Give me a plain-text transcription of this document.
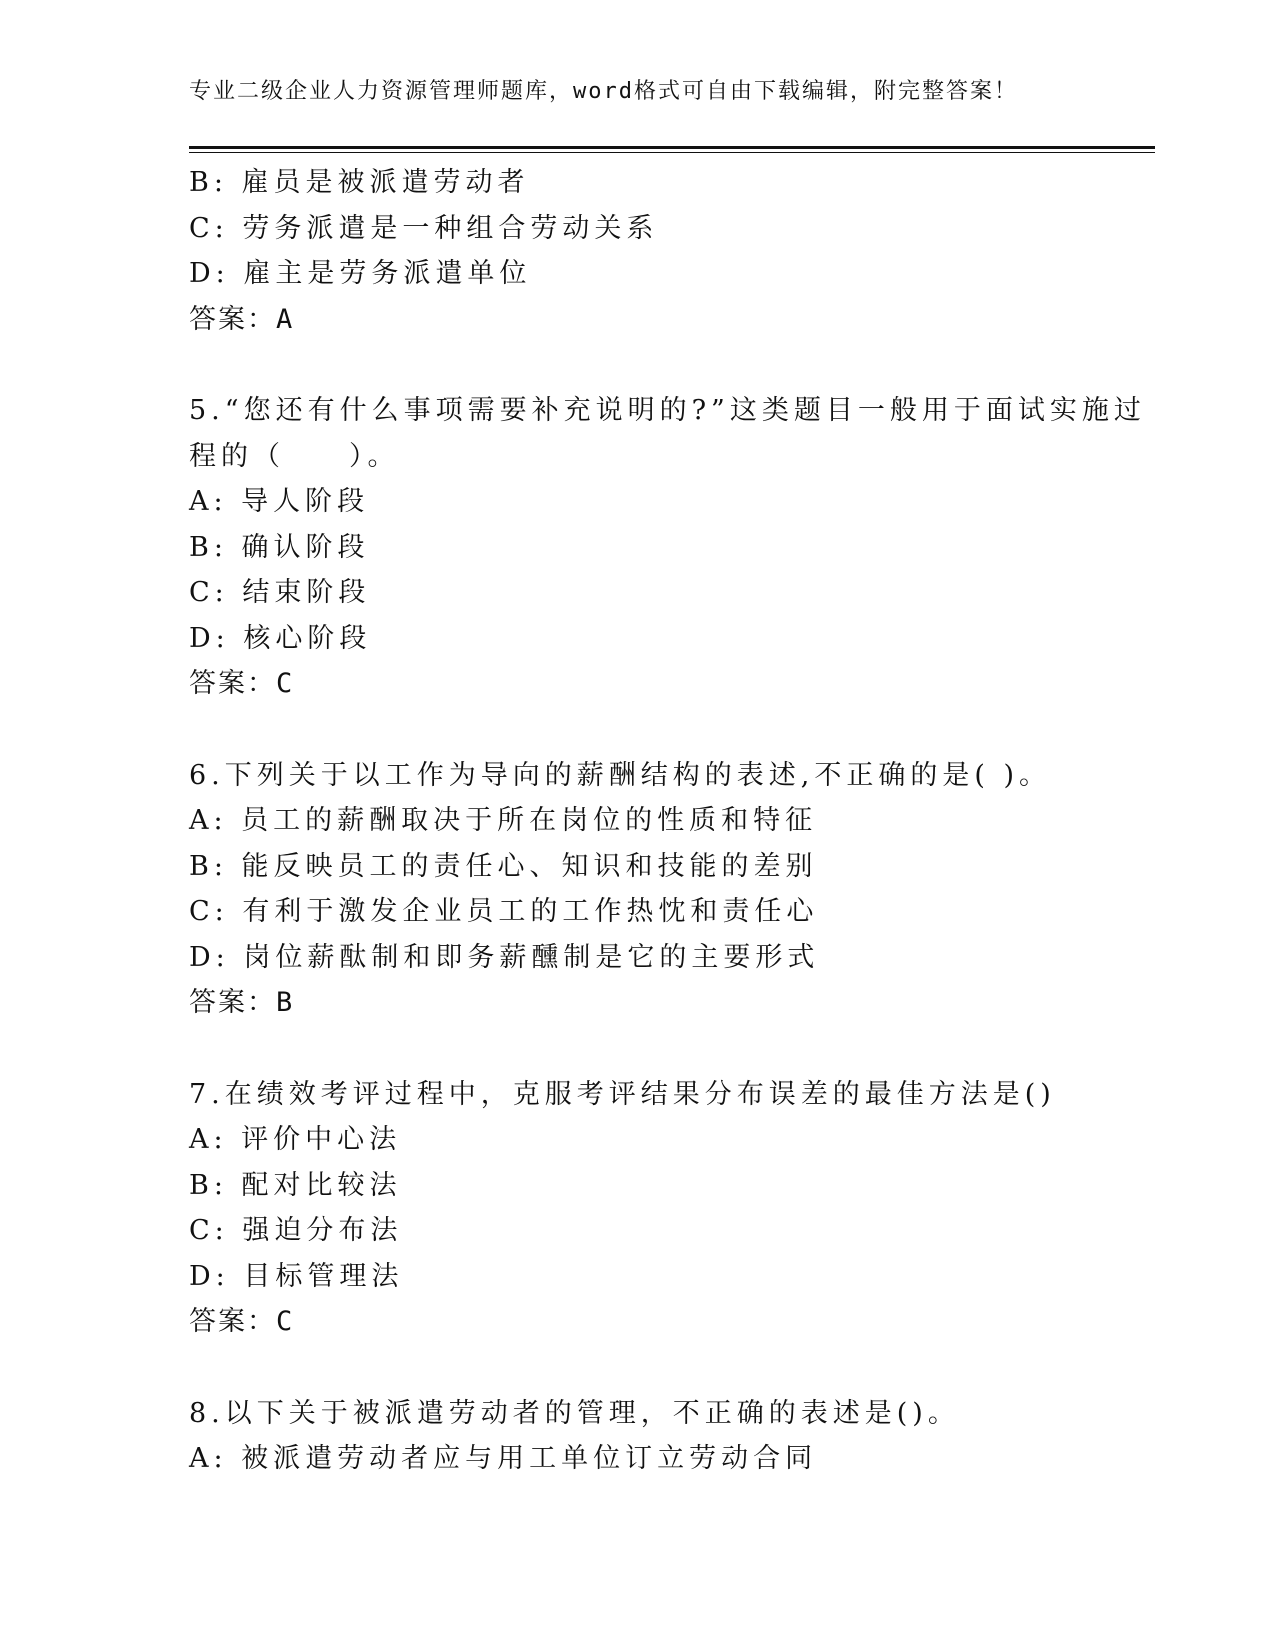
专业二级企业人力资源管理师题库，word格式可自由下载编辑，附完整答案！
B: 雇员是被派遣劳动者
C: 劳务派遣是一种组合劳动关系
D: 雇主是劳务派遣单位
答案：A
5.“您还有什么事项需要补充说明的?”这类题目一般用于面试实施过
程的（　　）。
A: 导人阶段
B: 确认阶段
C: 结束阶段
D: 核心阶段
答案：C
6.下列关于以工作为导向的薪酬结构的表述,不正确的是( )。
A: 员工的薪酬取决于所在岗位的性质和特征
B: 能反映员工的责任心、知识和技能的差别
C: 有利于激发企业员工的工作热忱和责任心
D: 岗位薪酞制和即务薪醺制是它的主要形式
答案：B
7.在绩效考评过程中，克服考评结果分布误差的最佳方法是()
A: 评价中心法
B: 配对比较法
C: 强迫分布法
D: 目标管理法
答案：C
8.以下关于被派遣劳动者的管理，不正确的表述是()。
A: 被派遣劳动者应与用工单位订立劳动合同
